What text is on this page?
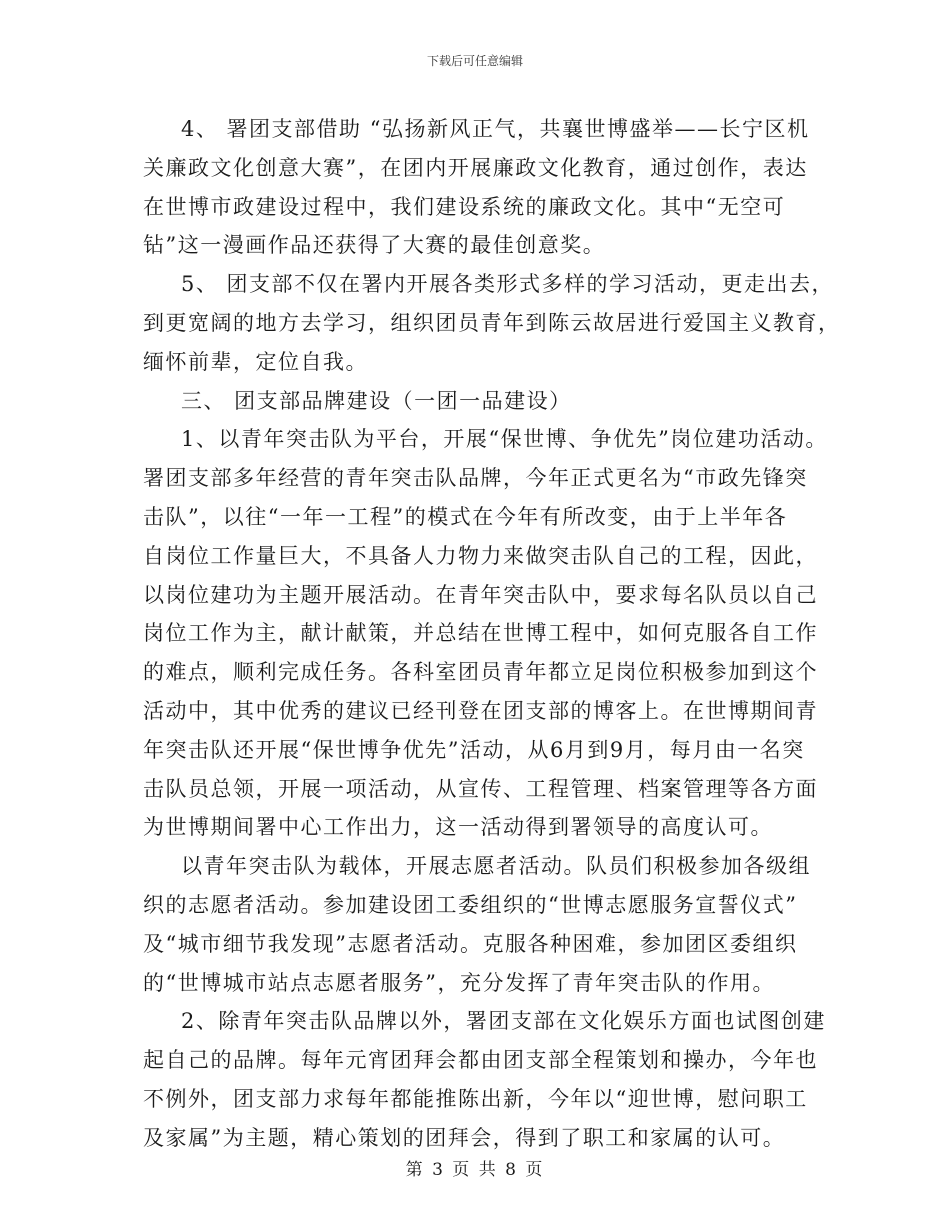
下载后可任意编辑
4、 署团支部借助 “弘扬新风正气，共襄世博盛举——长宁区机
关廉政文化创意大赛”，在团内开展廉政文化教育，通过创作，表达
在世博市政建设过程中，我们建设系统的廉政文化。其中“无空可
钻”这一漫画作品还获得了大赛的最佳创意奖。
5、 团支部不仅在署内开展各类形式多样的学习活动，更走出去，
到更宽阔的地方去学习，组织团员青年到陈云故居进行爱国主义教育，
缅怀前辈，定位自我。
三、 团支部品牌建设（一团一品建设）
1、以青年突击队为平台，开展“保世博、争优先”岗位建功活动。
署团支部多年经营的青年突击队品牌，今年正式更名为“市政先锋突
击队”，以往“一年一工程”的模式在今年有所改变，由于上半年各
自岗位工作量巨大，不具备人力物力来做突击队自己的工程，因此，
以岗位建功为主题开展活动。在青年突击队中，要求每名队员以自己
岗位工作为主，献计献策，并总结在世博工程中，如何克服各自工作
的难点，顺利完成任务。各科室团员青年都立足岗位积极参加到这个
活动中，其中优秀的建议已经刊登在团支部的博客上。在世博期间青
年突击队还开展“保世博争优先”活动，从6月到9月，每月由一名突
击队员总领，开展一项活动，从宣传、工程管理、档案管理等各方面
为世博期间署中心工作出力，这一活动得到署领导的高度认可。
以青年突击队为载体，开展志愿者活动。队员们积极参加各级组
织的志愿者活动。参加建设团工委组织的“世博志愿服务宣誓仪式”
及“城市细节我发现”志愿者活动。克服各种困难，参加团区委组织
的“世博城市站点志愿者服务”，充分发挥了青年突击队的作用。
2、除青年突击队品牌以外，署团支部在文化娱乐方面也试图创建
起自己的品牌。每年元宵团拜会都由团支部全程策划和操办，今年也
不例外，团支部力求每年都能推陈出新，今年以“迎世博，慰问职工
及家属”为主题，精心策划的团拜会，得到了职工和家属的认可。
第 3 页 共 8 页
